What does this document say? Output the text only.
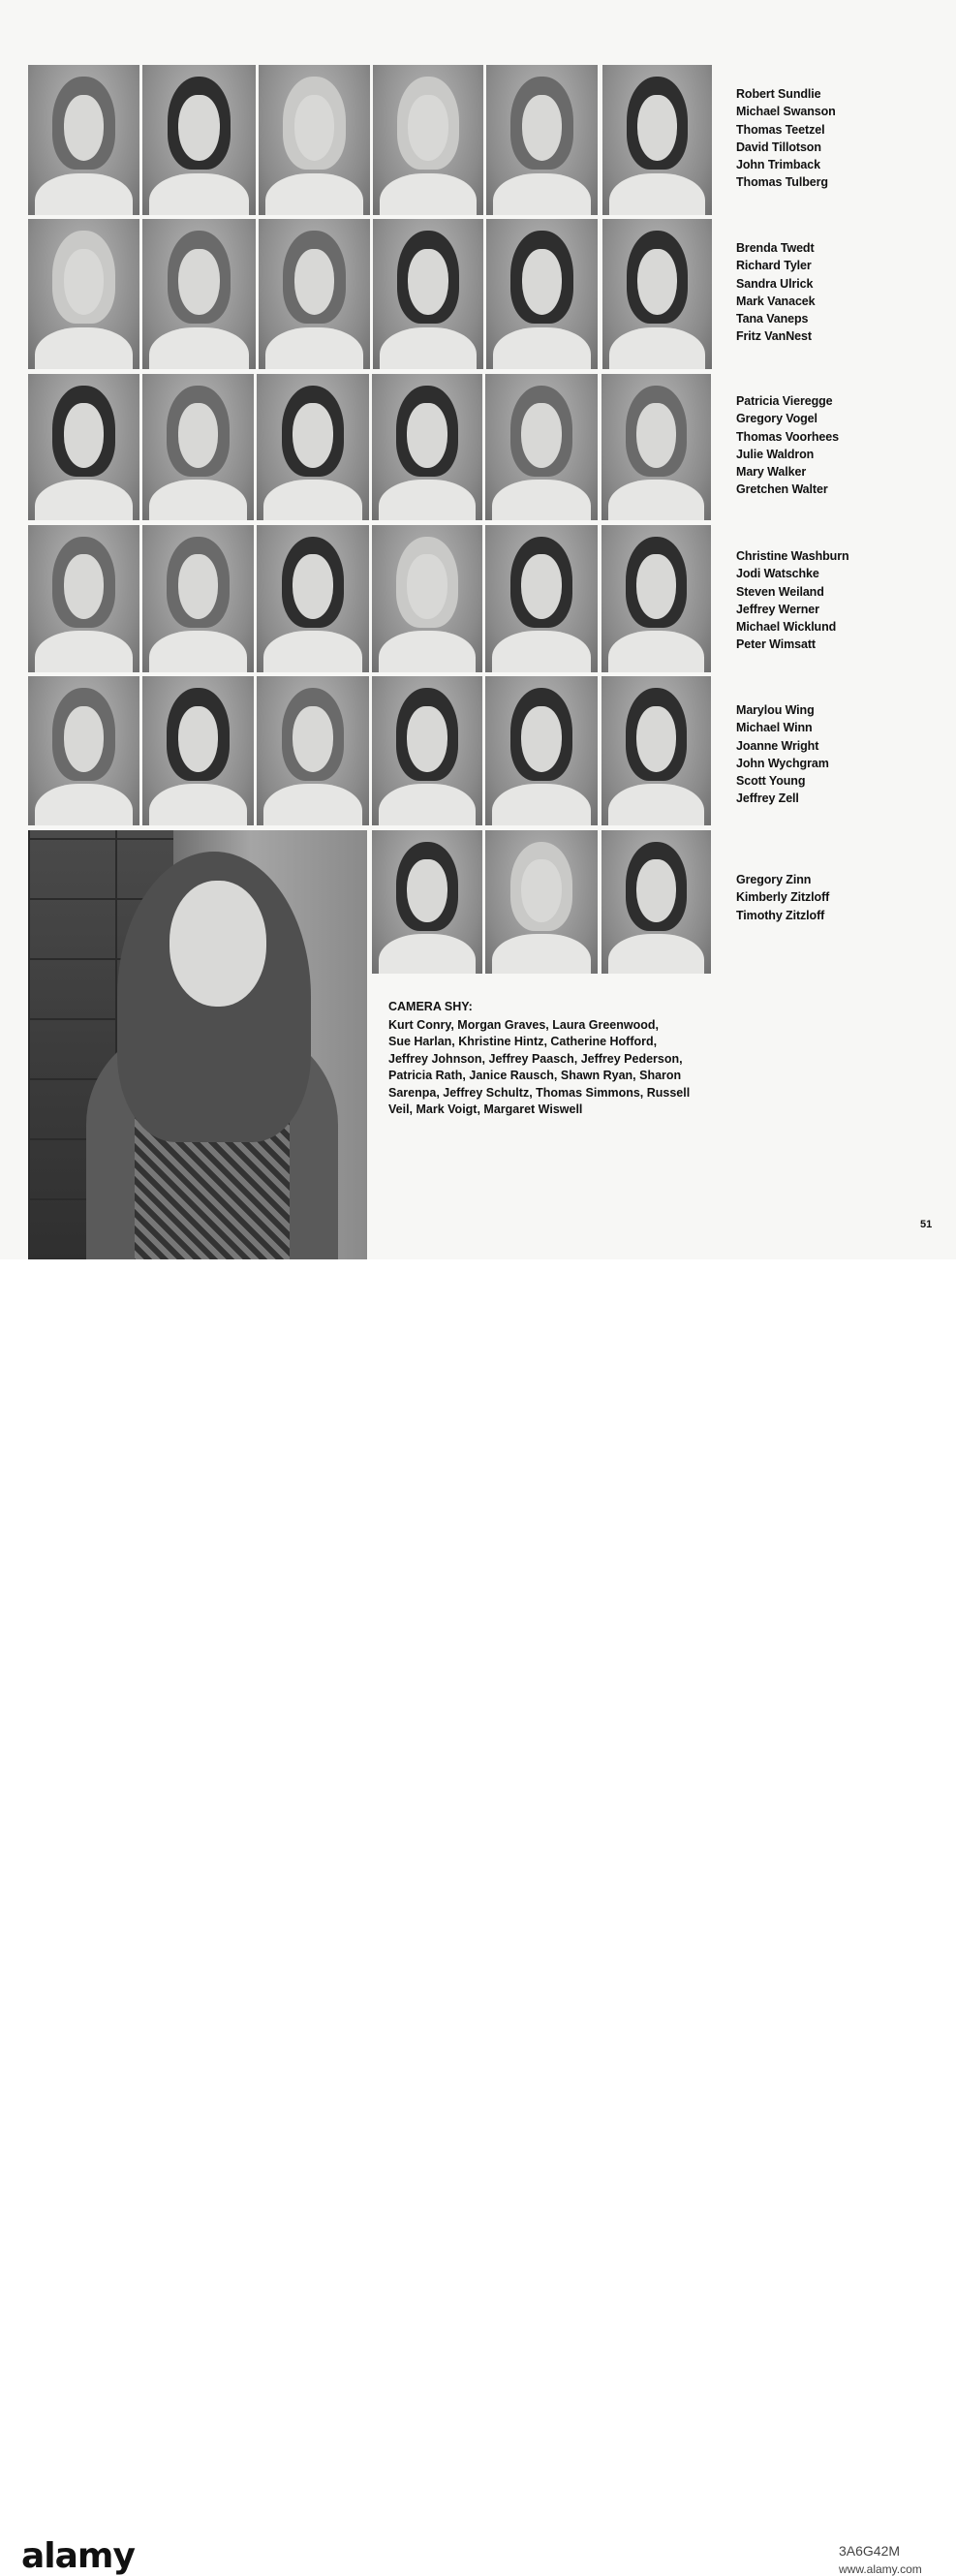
Robert Sundlie
Michael Swanson
Thomas Teetzel
David Tillotson
John Trimback
Thomas Tulberg
Brenda Twedt
Richard Tyler
Sandra Ulrick
Mark Vanacek
Tana Vaneps
Fritz VanNest
Patricia Vieregge
Gregory Vogel
Thomas Voorhees
Julie Waldron
Mary Walker
Gretchen Walter
Christine Washburn
Jodi Watschke
Steven Weiland
Jeffrey Werner
Michael Wicklund
Peter Wimsatt
Marylou Wing
Michael Winn
Joanne Wright
John Wychgram
Scott Young
Jeffrey Zell
Gregory Zinn
Kimberly Zitzloff
Timothy Zitzloff
CAMERA SHY:
Kurt Conry, Morgan Graves, Laura Greenwood,
Sue Harlan, Khristine Hintz, Catherine Hofford,
Jeffrey Johnson, Jeffrey Paasch, Jeffrey Pederson,
Patricia Rath, Janice Rausch, Shawn Ryan, Sharon
Sarenpa, Jeffrey Schultz, Thomas Simmons, Russell
Veil, Mark Voigt, Margaret Wiswell
51
alamy	3A6G42M
www.alamy.com
